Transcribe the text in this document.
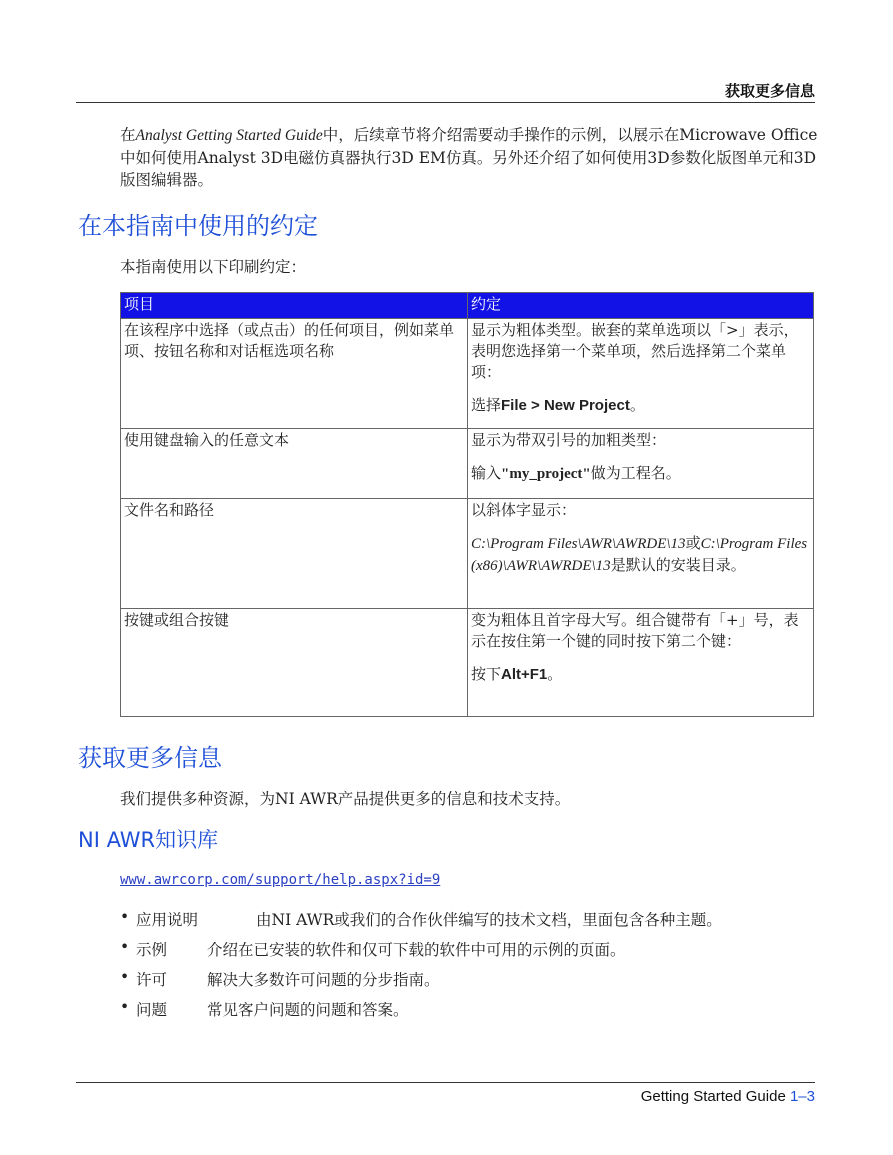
获取更多信息
在Analyst Getting Started Guide中，后续章节将介绍需要动手操作的示例，以展示在Microwave Office中如何使用Analyst 3D电磁仿真器执行3D EM仿真。另外还介绍了如何使用3D参数化版图单元和3D版图编辑器。
在本指南中使用的约定
本指南使用以下印刷约定：
项目	约定
在该程序中选择（或点击）的任何项目，例如菜单项、按钮名称和对话框选项名称	显示为粗体类型。嵌套的菜单选项以「>」表示，表明您选择第一个菜单项，然后选择第二个菜单项：
选择File > New Project。

使用键盘输入的任意文本	显示为带双引号的加粗类型：
输入"my_project"做为工程名。

文件名和路径	以斜体字显示：
C:\Program Files\AWR\AWRDE\13或C:\Program Files (x86)\AWR\AWRDE\13是默认的安装目录。

按键或组合按键	变为粗体且首字母大写。组合键带有「+」号，表示在按住第一个键的同时按下第二个键：
按下Alt+F1。
获取更多信息
我们提供多种资源，为NI AWR产品提供更多的信息和技术支持。
NI AWR知识库
www.awrcorp.com/support/help.aspx?id=9
• 应用说明	由NI AWR或我们的合作伙伴编写的技术文档，里面包含各种主题。
• 示例	介绍在已安装的软件和仅可下载的软件中可用的示例的页面。
• 许可	解决大多数许可问题的分步指南。
• 问题	常见客户问题的问题和答案。
Getting Started Guide 1–3
